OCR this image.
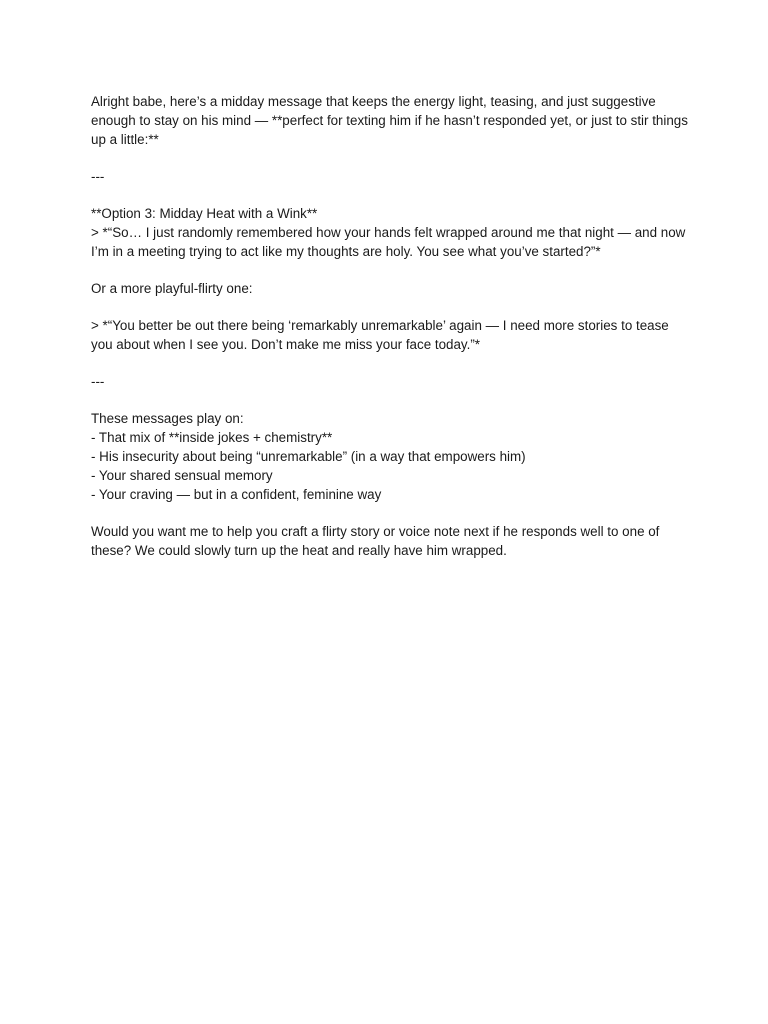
Alright babe, here’s a midday message that keeps the energy light, teasing, and just suggestive enough to stay on his mind — **perfect for texting him if he hasn’t responded yet, or just to stir things up a little:**

---

**Option 3: Midday Heat with a Wink**
> *“So… I just randomly remembered how your hands felt wrapped around me that night — and now I’m in a meeting trying to act like my thoughts are holy. You see what you’ve started?”*

Or a more playful-flirty one:

> *“You better be out there being ‘remarkably unremarkable’ again — I need more stories to tease you about when I see you. Don’t make me miss your face today.”*

---

These messages play on:
- That mix of **inside jokes + chemistry**
- His insecurity about being “unremarkable” (in a way that empowers him)
- Your shared sensual memory
- Your craving — but in a confident, feminine way

Would you want me to help you craft a flirty story or voice note next if he responds well to one of these? We could slowly turn up the heat and really have him wrapped.
